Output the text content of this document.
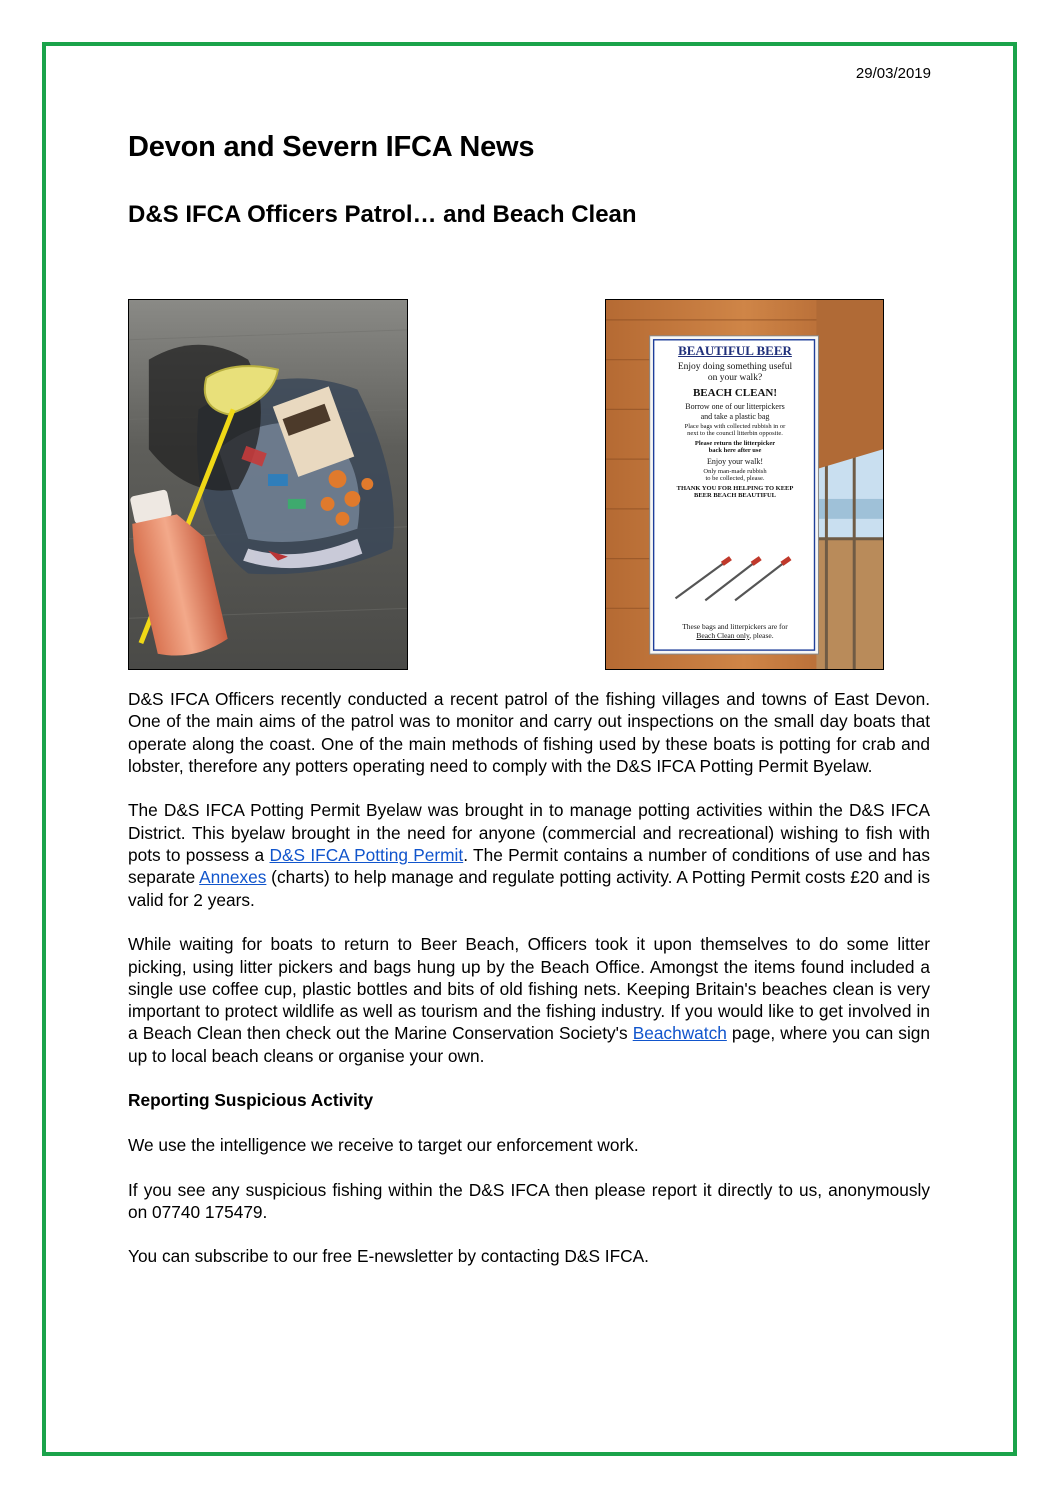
29/03/2019
Devon and Severn IFCA News
D&S IFCA Officers Patrol… and Beach Clean
BEAUTIFUL BEER
Enjoy doing something useful
on your walk?
BEACH CLEAN!
Borrow one of our litterpickers
and take a plastic bag
Place bags with collected rubbish in or
next to the council litterbin opposite.
Please return the litterpicker
back here after use
Enjoy your walk!
Only man-made rubbish
to be collected, please.
THANK YOU FOR HELPING TO KEEP
BEER BEACH BEAUTIFUL
These bags and litterpickers are for
Beach Clean only, please.

D&S IFCA Officers recently conducted a recent patrol of the fishing villages and towns of East Devon. One of the main aims of the patrol was to monitor and carry out inspections on the small day boats that operate along the coast. One of the main methods of fishing used by these boats is potting for crab and lobster, therefore any potters operating need to comply with the D&S IFCA Potting Permit Byelaw.

The D&S IFCA Potting Permit Byelaw was brought in to manage potting activities within the D&S IFCA District. This byelaw brought in the need for anyone (commercial and recreational) wishing to fish with pots to possess a D&S IFCA Potting Permit. The Permit contains a number of conditions of use and has separate Annexes (charts) to help manage and regulate potting activity. A Potting Permit costs £20 and is valid for 2 years.

While waiting for boats to return to Beer Beach, Officers took it upon themselves to do some litter picking, using litter pickers and bags hung up by the Beach Office. Amongst the items found included a single use coffee cup, plastic bottles and bits of old fishing nets. Keeping Britain's beaches clean is very important to protect wildlife as well as tourism and the fishing industry. If you would like to get involved in a Beach Clean then check out the Marine Conservation Society's Beachwatch page, where you can sign up to local beach cleans or organise your own.

Reporting Suspicious Activity

We use the intelligence we receive to target our enforcement work.

If you see any suspicious fishing within the D&S IFCA then please report it directly to us, anonymously on 07740 175479.

You can subscribe to our free E-newsletter by contacting D&S IFCA.
